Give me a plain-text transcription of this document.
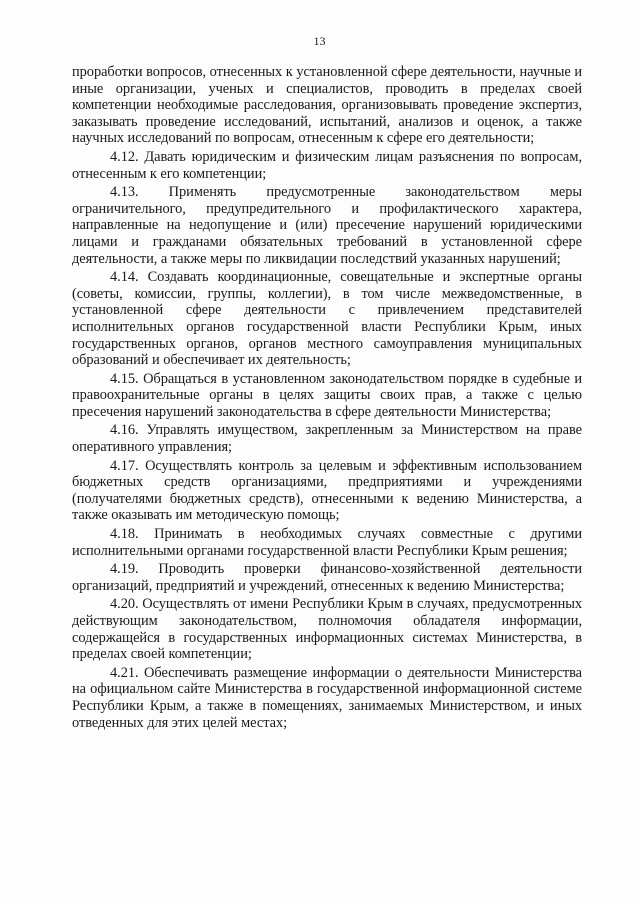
13

проработки вопросов, отнесенных к установленной сфере деятельности, научные и иные организации, ученых и специалистов, проводить в пределах своей компетенции необходимые расследования, организовывать проведение экспертиз, заказывать проведение исследований, испытаний, анализов и оценок, а также научных исследований по вопросам, отнесенным к сфере его деятельности;

4.12. Давать юридическим и физическим лицам разъяснения по вопросам, отнесенным к его компетенции;

4.13. Применять предусмотренные законодательством меры ограничительного, предупредительного и профилактического характера, направленные на недопущение и (или) пресечение нарушений юридическими лицами и гражданами обязательных требований в установленной сфере деятельности, а также меры по ликвидации последствий указанных нарушений;

4.14. Создавать координационные, совещательные и экспертные органы (советы, комиссии, группы, коллегии), в том числе межведомственные, в установленной сфере деятельности с привлечением представителей исполнительных органов государственной власти Республики Крым, иных государственных органов, органов местного самоуправления муниципальных образований и обеспечивает их деятельность;

4.15. Обращаться в установленном законодательством порядке в судебные и правоохранительные органы в целях защиты своих прав, а также с целью пресечения нарушений законодательства в сфере деятельности Министерства;

4.16. Управлять имуществом, закрепленным за Министерством на праве оперативного управления;

4.17. Осуществлять контроль за целевым и эффективным использованием бюджетных средств организациями, предприятиями и учреждениями (получателями бюджетных средств), отнесенными к ведению Министерства, а также оказывать им методическую помощь;

4.18. Принимать в необходимых случаях совместные с другими исполнительными органами государственной власти Республики Крым решения;

4.19. Проводить проверки финансово-хозяйственной деятельности организаций, предприятий и учреждений, отнесенных к ведению Министерства;

4.20. Осуществлять от имени Республики Крым в случаях, предусмотренных действующим законодательством, полномочия обладателя информации, содержащейся в государственных информационных системах Министерства, в пределах своей компетенции;

4.21. Обеспечивать размещение информации о деятельности Министерства на официальном сайте Министерства в государственной информационной системе Республики Крым, а также в помещениях, занимаемых Министерством, и иных отведенных для этих целей местах;
